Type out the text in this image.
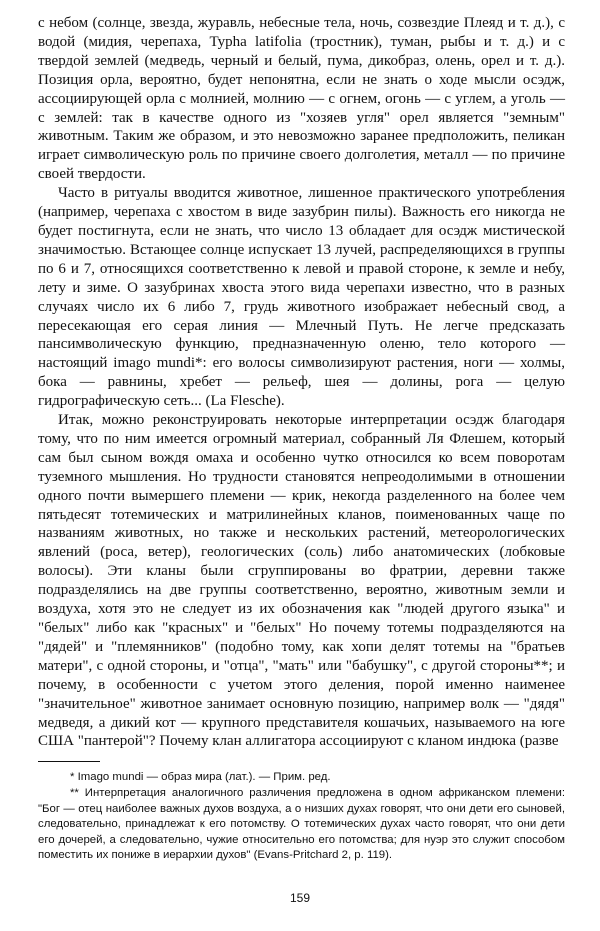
с небом (солнце, звезда, журавль, небесные тела, ночь, созвездие Плеяд и т. д.), с водой (мидия, черепаха, Typha latifolia (тростник), туман, рыбы и т. д.) и с твердой землей (медведь, черный и белый, пума, дикобраз, олень, орел и т. д.). Позиция орла, вероятно, будет непонятна, если не знать о ходе мысли осэдж, ассоциирующей орла с молнией, молнию — с огнем, огонь — с углем, а уголь — с землей: так в качестве одного из "хозяев угля" орел является "земным" животным. Таким же образом, и это невозможно заранее предположить, пеликан играет символическую роль по причине своего долголетия, металл — по причине своей твердости.

Часто в ритуалы вводится животное, лишенное практического употребления (например, черепаха с хвостом в виде зазубрин пилы). Важность его никогда не будет постигнута, если не знать, что число 13 обладает для осэдж мистической значимостью. Встающее солнце испускает 13 лучей, распределяющихся в группы по 6 и 7, относящихся соответственно к левой и правой стороне, к земле и небу, лету и зиме. О зазубринах хвоста этого вида черепахи известно, что в разных случаях число их 6 либо 7, грудь животного изображает небесный свод, а пересекающая его серая линия — Млечный Путь. Не легче предсказать пансимволическую функцию, предназначенную оленю, тело которого — настоящий imago mundi*: его волосы символизируют растения, ноги — холмы, бока — равнины, хребет — рельеф, шея — долины, рога — целую гидрографическую сеть... (La Flesche).

Итак, можно реконструировать некоторые интерпретации осэдж благодаря тому, что по ним имеется огромный материал, собранный Ля Флешем, который сам был сыном вождя омаха и особенно чутко относился ко всем поворотам туземного мышления. Но трудности становятся непреодолимыми в отношении одного почти вымершего племени — крик, некогда разделенного на более чем пятьдесят тотемических и матрилинейных кланов, поименованных чаще по названиям животных, но также и нескольких растений, метеорологических явлений (роса, ветер), геологических (соль) либо анатомических (лобковые волосы). Эти кланы были сгруппированы во фратрии, деревни также подразделялись на две группы соответственно, вероятно, животным земли и воздуха, хотя это не следует из их обозначения как "людей другого языка" и "белых" либо как "красных" и "белых" Но почему тотемы подразделяются на "дядей" и "племянников" (подобно тому, как хопи делят тотемы на "братьев матери", с одной стороны, и "отца", "мать" или "бабушку", с другой стороны**; и почему, в особенности с учетом этого деления, порой именно наименее "значительное" животное занимает основную позицию, например волк — "дядя" медведя, а дикий кот — крупного представителя кошачьих, называемого на юге США "пантерой"? Почему клан аллигатора ассоциируют с кланом индюка (разве

* Imago mundi — образ мира (лат.). — Прим. ред.

** Интерпретация аналогичного различения предложена в одном африканском племени: "Бог — отец наиболее важных духов воздуха, а о низших духах говорят, что они дети его сыновей, следовательно, принадлежат к его потомству. О тотемических духах часто говорят, что они дети его дочерей, а следовательно, чужие относительно его потомства; для нуэр это служит способом поместить их пониже в иерархии духов" (Evans-Pritchard 2, p. 119).

159
